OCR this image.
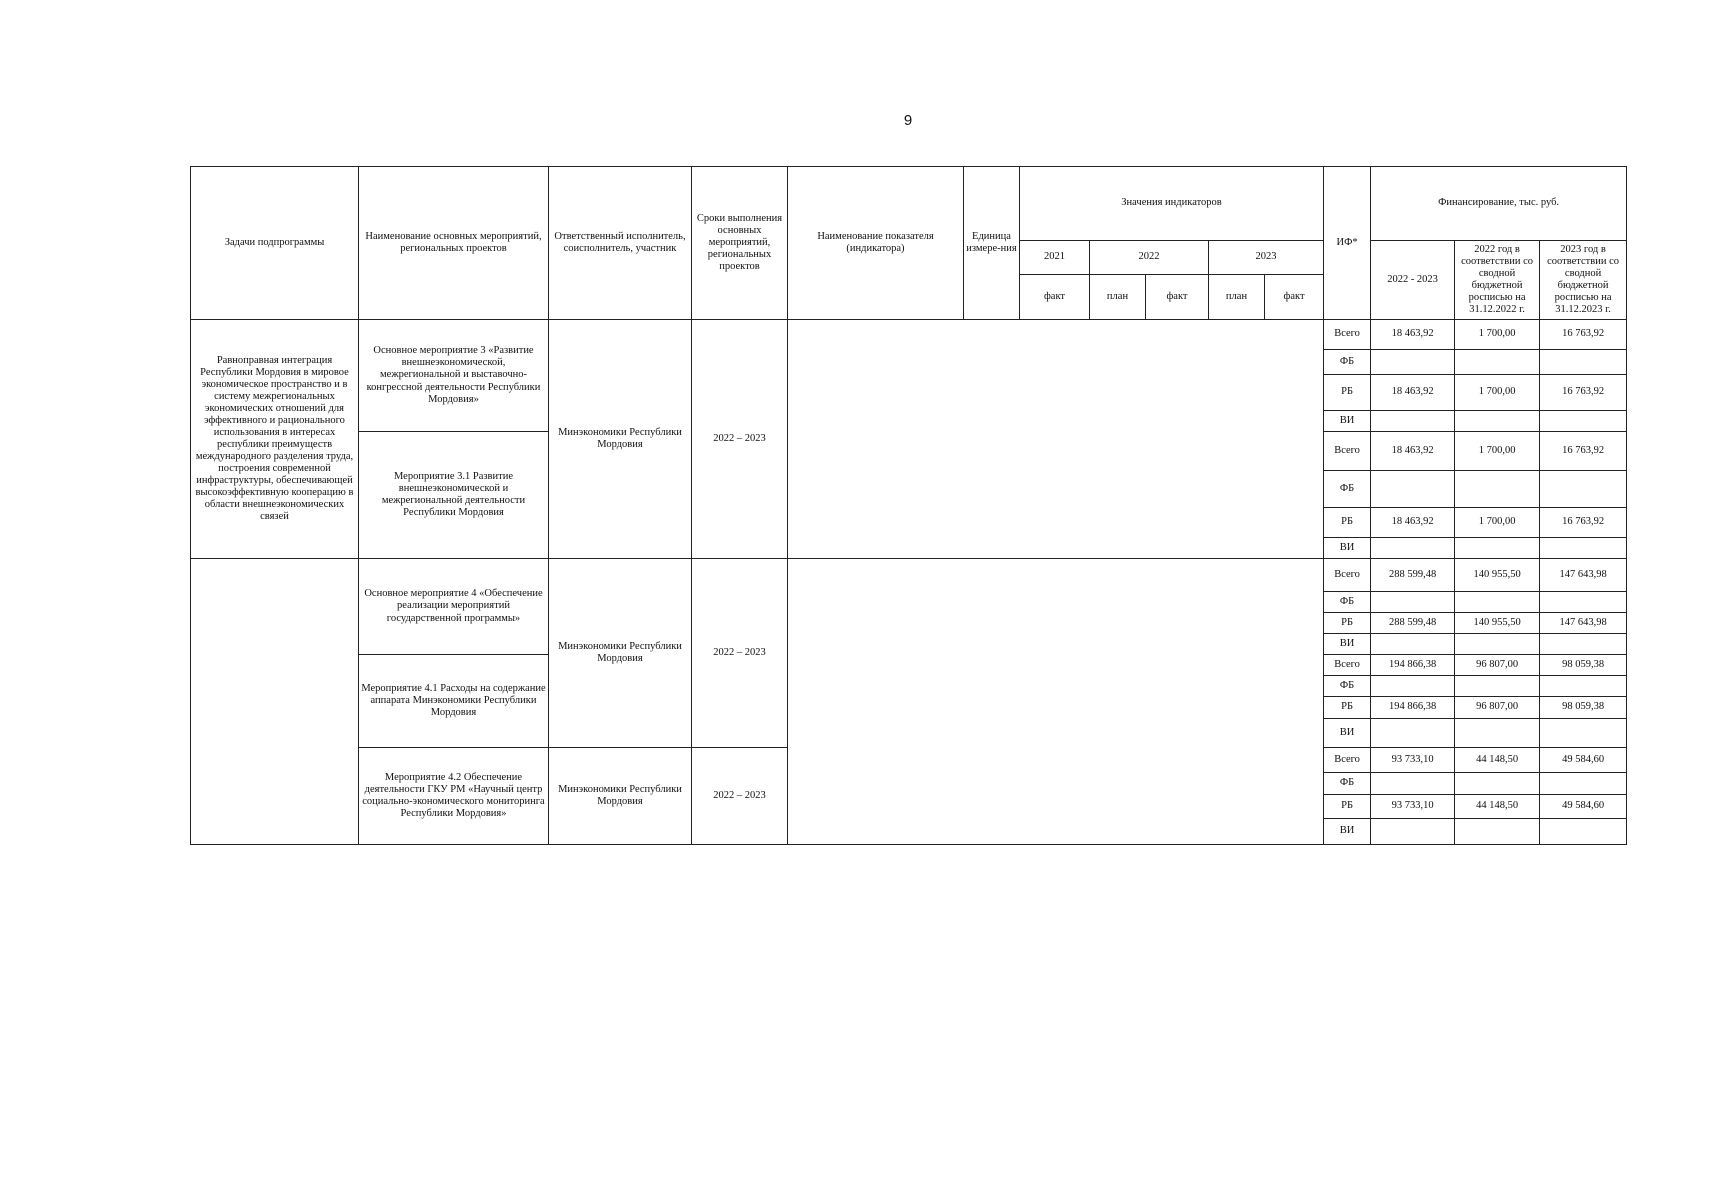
9
Задачи подпрограммы	Наименование основных мероприятий, региональных проектов	Ответственный исполнитель, соисполнитель, участник	Сроки выполнения основных мероприятий, региональных проектов	Наименование показателя (индикатора)	Единица измере-ния	Значения индикаторов					ИФ*	Финансирование, тыс. руб.		
						2021	2022		2023			2022 - 2023	2022 год в соответствии со сводной бюджетной росписью на 31.12.2022 г.	2023 год в соответствии со сводной бюджетной росписью на 31.12.2023 г.
						факт	план	факт	план	факт				
Равноправная интеграция Республики Мордовия в мировое экономическое пространство и в систему межрегиональных экономических отношений для эффективного и рационального использования в интересах республики преимуществ международного разделения труда, построения современной инфраструктуры, обеспечивающей высокоэффективную кооперацию в области внешнеэкономических связей	Основное мероприятие 3 «Развитие внешнеэкономической, межрегиональной и выставочно-конгрессной деятельности Республики Мордовия»	Минэкономики Республики Мордовия	2022 – 2023								Всего	18 463,92	1 700,00	16 763,92
											ФБ			
											РБ	18 463,92	1 700,00	16 763,92
											ВИ			
	Мероприятие 3.1 Развитие внешнеэкономической и межрегиональной деятельности Республики Мордовия										Всего	18 463,92	1 700,00	16 763,92
											ФБ			
											РБ	18 463,92	1 700,00	16 763,92
											ВИ			
	Основное мероприятие 4 «Обеспечение реализации мероприятий государственной программы»	Минэкономики Республики Мордовия	2022 – 2023								Всего	288 599,48	140 955,50	147 643,98
											ФБ			
											РБ	288 599,48	140 955,50	147 643,98
											ВИ			
	Мероприятие 4.1 Расходы на содержание аппарата Минэкономики Республики Мордовия										Всего	194 866,38	96 807,00	98 059,38
											ФБ			
											РБ	194 866,38	96 807,00	98 059,38
											ВИ			
	Мероприятие 4.2 Обеспечение деятельности ГКУ РМ «Научный центр социально-экономического мониторинга Республики Мордовия»	Минэкономики Республики Мордовия	2022 – 2023								Всего	93 733,10	44 148,50	49 584,60
											ФБ			
											РБ	93 733,10	44 148,50	49 584,60
											ВИ			
